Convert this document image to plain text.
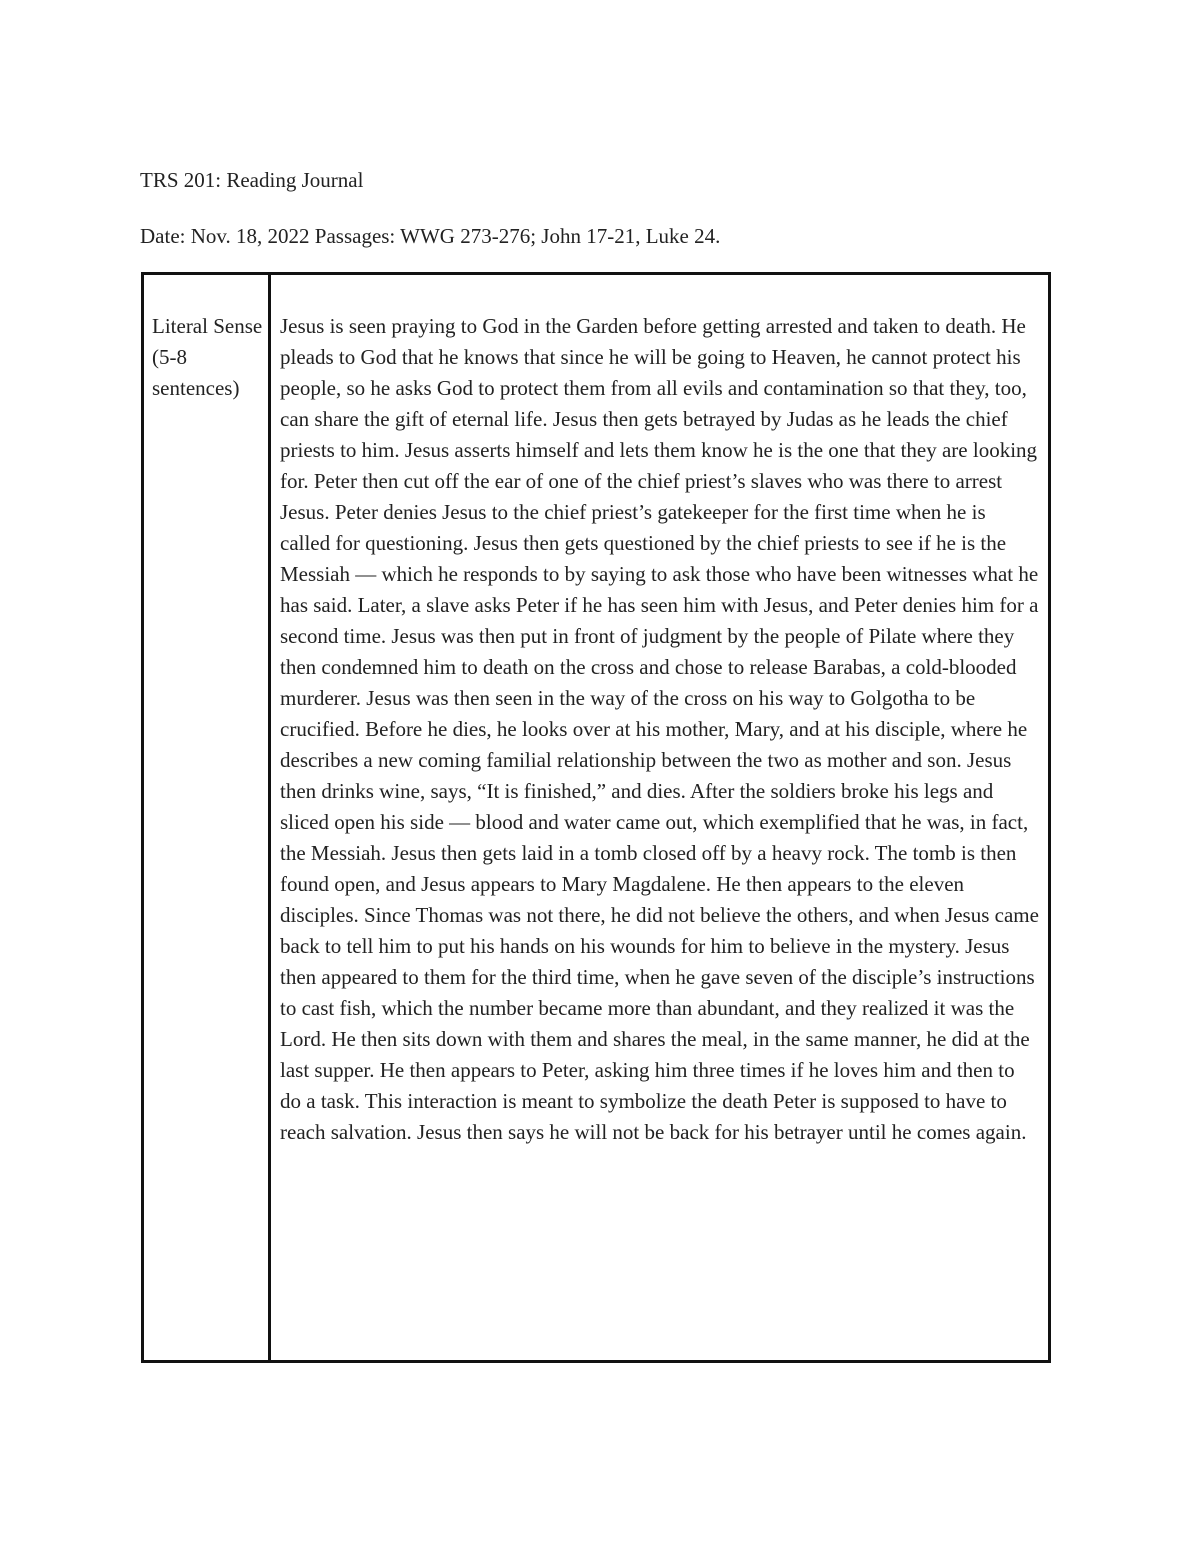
TRS 201: Reading Journal
Date: Nov. 18, 2022 Passages: WWG 273-276; John 17-21, Luke 24.
Literal Sense (5-8 sentences)
Jesus is seen praying to God in the Garden before getting arrested and taken to death. He pleads to God that he knows that since he will be going to Heaven, he cannot protect his people, so he asks God to protect them from all evils and contamination so that they, too, can share the gift of eternal life. Jesus then gets betrayed by Judas as he leads the chief priests to him. Jesus asserts himself and lets them know he is the one that they are looking for. Peter then cut off the ear of one of the chief priest’s slaves who was there to arrest Jesus. Peter denies Jesus to the chief priest’s gatekeeper for the first time when he is called for questioning. Jesus then gets questioned by the chief priests to see if he is the Messiah — which he responds to by saying to ask those who have been witnesses what he has said. Later, a slave asks Peter if he has seen him with Jesus, and Peter denies him for a second time. Jesus was then put in front of judgment by the people of Pilate where they then condemned him to death on the cross and chose to release Barabas, a cold-blooded murderer. Jesus was then seen in the way of the cross on his way to Golgotha to be crucified. Before he dies, he looks over at his mother, Mary, and at his disciple, where he describes a new coming familial relationship between the two as mother and son. Jesus then drinks wine, says, “It is finished,” and dies. After the soldiers broke his legs and sliced open his side — blood and water came out, which exemplified that he was, in fact, the Messiah. Jesus then gets laid in a tomb closed off by a heavy rock. The tomb is then found open, and Jesus appears to Mary Magdalene. He then appears to the eleven disciples. Since Thomas was not there, he did not believe the others, and when Jesus came back to tell him to put his hands on his wounds for him to believe in the mystery. Jesus then appeared to them for the third time, when he gave seven of the disciple’s instructions to cast fish, which the number became more than abundant, and they realized it was the Lord. He then sits down with them and shares the meal, in the same manner, he did at the last supper. He then appears to Peter, asking him three times if he loves him and then to do a task. This interaction is meant to symbolize the death Peter is supposed to have to reach salvation. Jesus then says he will not be back for his betrayer until he comes again.
